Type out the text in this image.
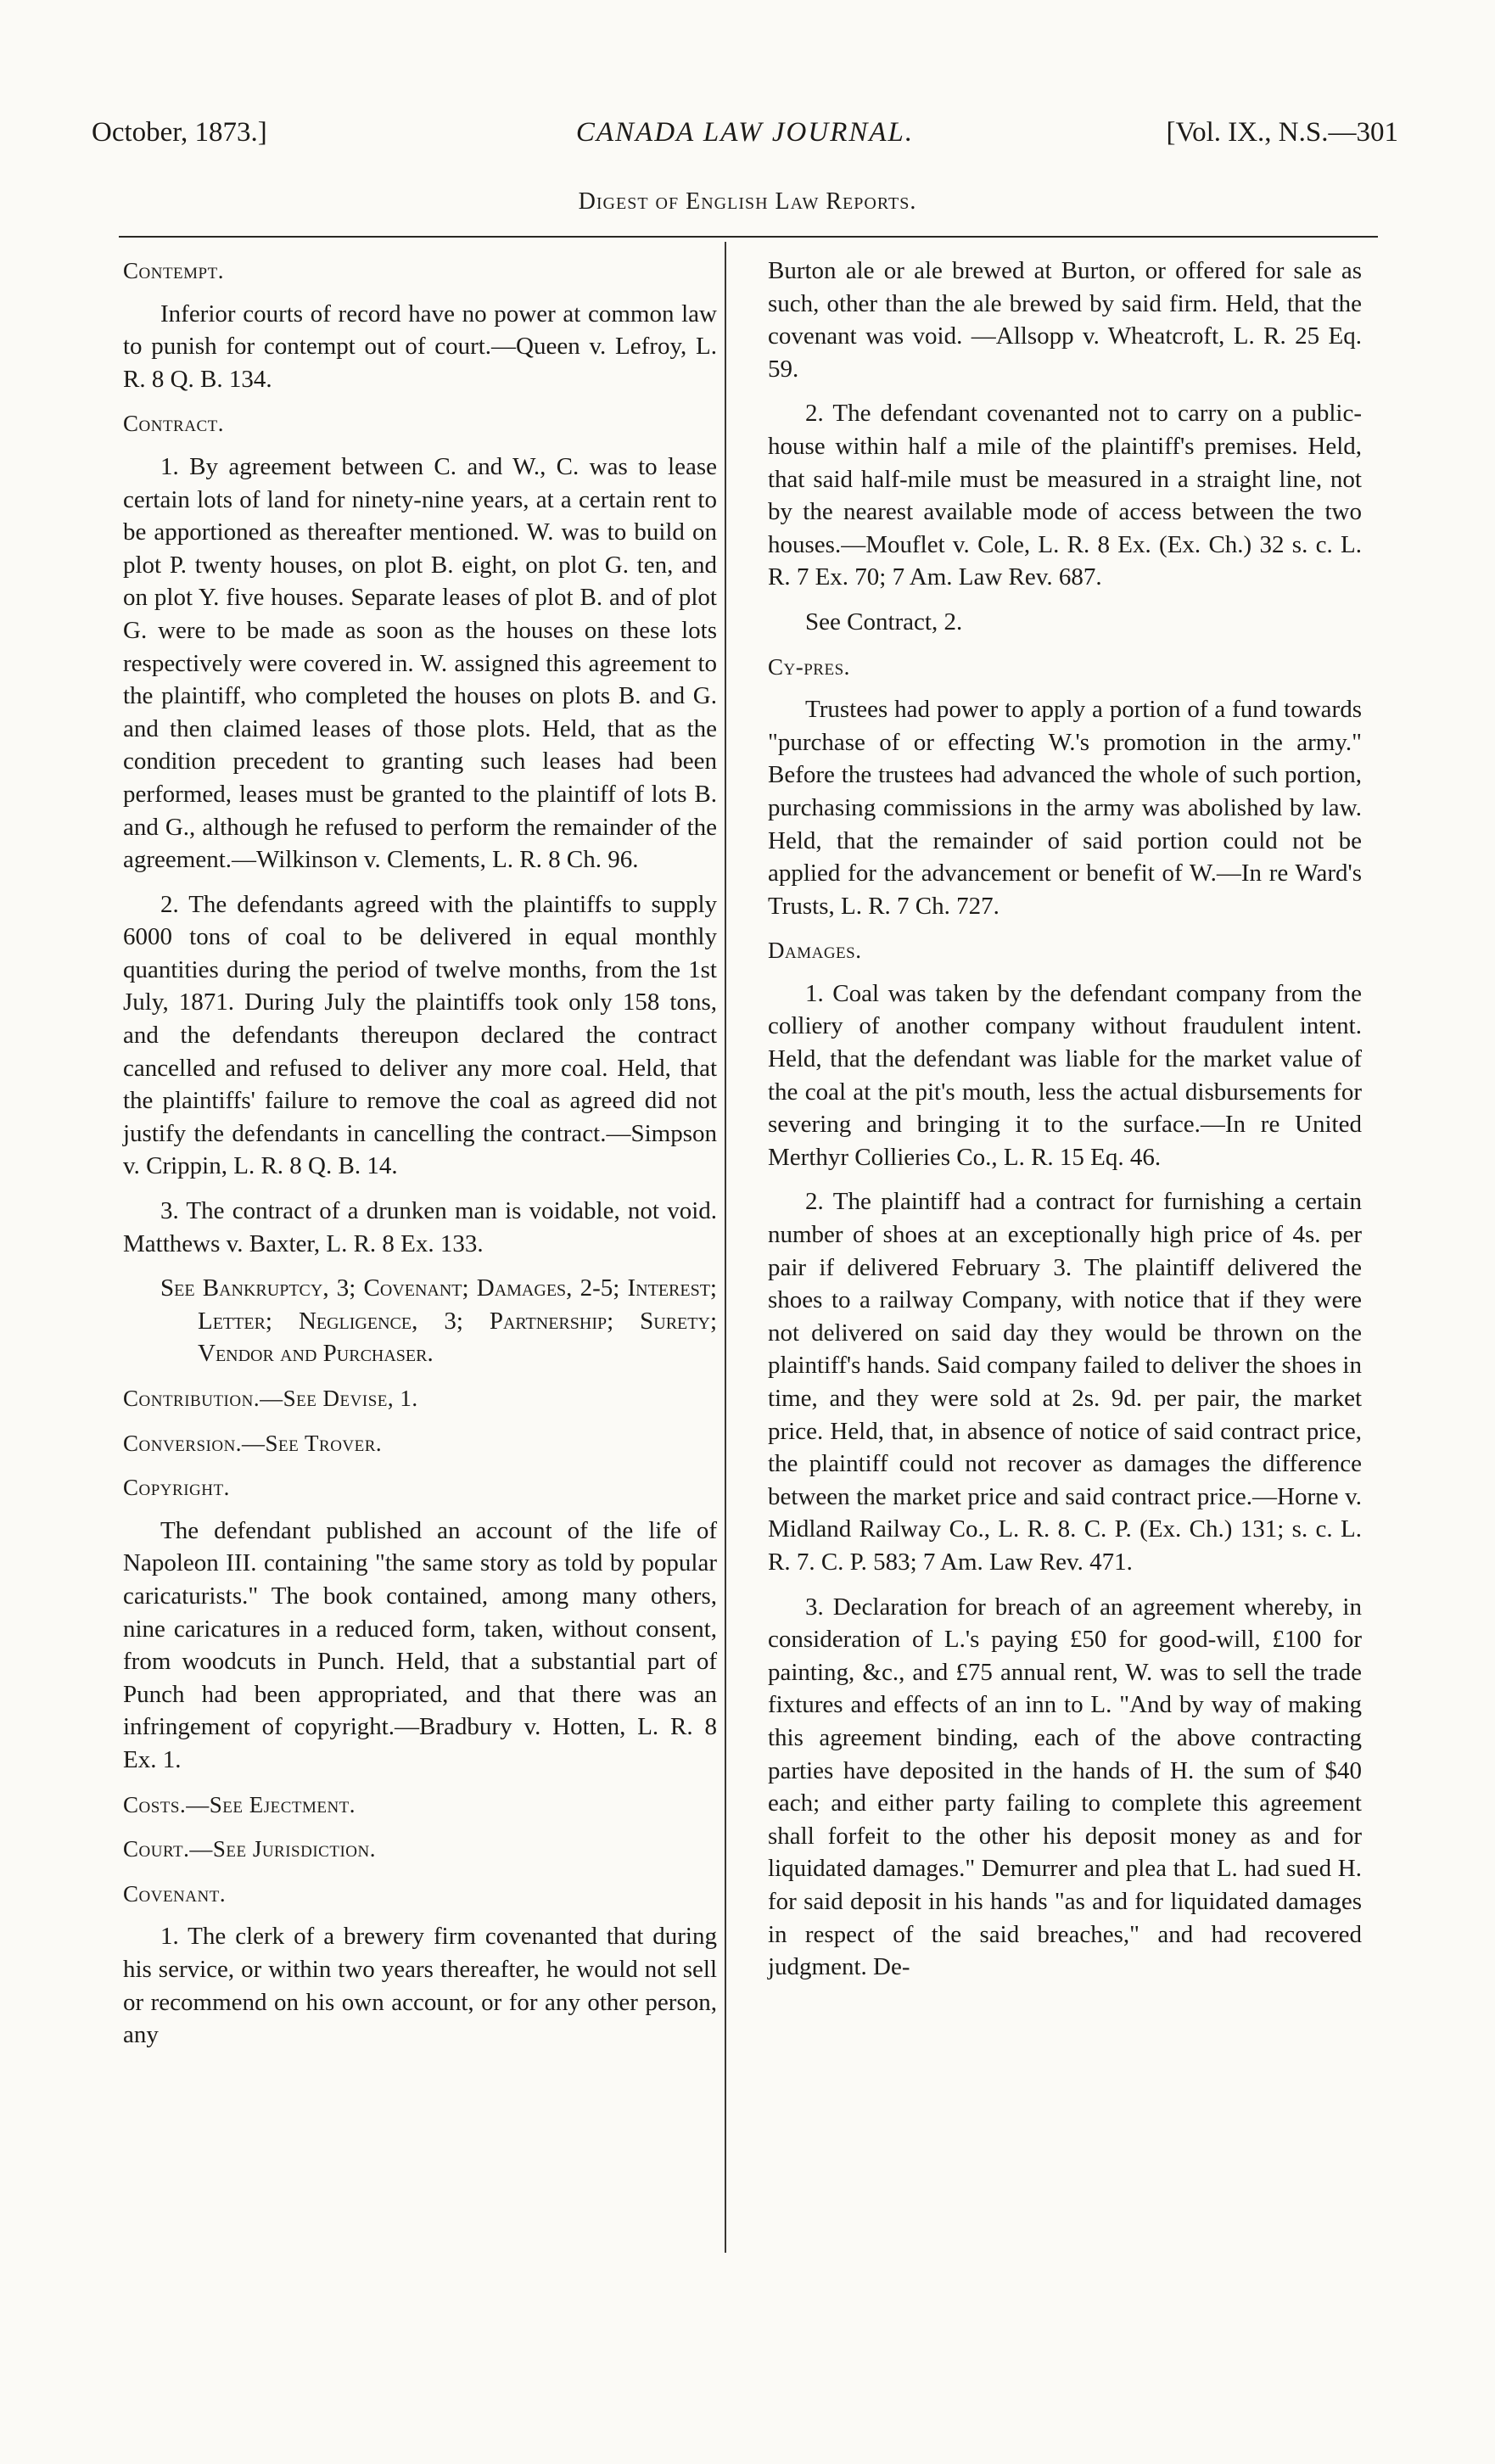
October, 1873.]	CANADA LAW JOURNAL.	[Vol. IX., N.S.—301
Digest of English Law Reports.
Contempt.

Inferior courts of record have no power at common law to punish for contempt out of court.—Queen v. Lefroy, L. R. 8 Q. B. 134.

Contract.

1. By agreement between C. and W., C. was to lease certain lots of land for ninety-nine years, at a certain rent to be apportioned as thereafter mentioned. W. was to build on plot P. twenty houses, on plot B. eight, on plot G. ten, and on plot Y. five houses. Separate leases of plot B. and of plot G. were to be made as soon as the houses on these lots respectively were covered in. W. assigned this agreement to the plaintiff, who completed the houses on plots B. and G. and then claimed leases of those plots. Held, that as the condition precedent to granting such leases had been performed, leases must be granted to the plaintiff of lots B. and G., although he refused to perform the remainder of the agreement.—Wilkinson v. Clements, L. R. 8 Ch. 96.

2. The defendants agreed with the plaintiffs to supply 6000 tons of coal to be delivered in equal monthly quantities during the period of twelve months, from the 1st July, 1871. During July the plaintiffs took only 158 tons, and the defendants thereupon declared the contract cancelled and refused to deliver any more coal. Held, that the plaintiffs' failure to remove the coal as agreed did not justify the defendants in cancelling the contract.—Simpson v. Crippin, L. R. 8 Q. B. 14.

3. The contract of a drunken man is voidable, not void. Matthews v. Baxter, L. R. 8 Ex. 133.

See Bankruptcy, 3; Covenant; Damages, 2-5; Interest; Letter; Negligence, 3; Partnership; Surety; Vendor and Purchaser.

Contribution.—See Devise, 1.
Conversion.—See Trover.
Copyright.

The defendant published an account of the life of Napoleon III. containing "the same story as told by popular caricaturists." The book contained, among many others, nine caricatures in a reduced form, taken, without consent, from woodcuts in Punch. Held, that a substantial part of Punch had been appropriated, and that there was an infringement of copyright.—Bradbury v. Hotten, L. R. 8 Ex. 1.

Costs.—See Ejectment.
Court.—See Jurisdiction.
Covenant.

1. The clerk of a brewery firm covenanted that during his service, or within two years thereafter, he would not sell or recommend on his own account, or for any other person, any

Burton ale or ale brewed at Burton, or offered for sale as such, other than the ale brewed by said firm. Held, that the covenant was void. —Allsopp v. Wheatcroft, L. R. 25 Eq. 59.

2. The defendant covenanted not to carry on a public-house within half a mile of the plaintiff's premises. Held, that said half-mile must be measured in a straight line, not by the nearest available mode of access between the two houses.—Mouflet v. Cole, L. R. 8 Ex. (Ex. Ch.) 32 s. c. L. R. 7 Ex. 70; 7 Am. Law Rev. 687.

See Contract, 2.

Cy-pres.

Trustees had power to apply a portion of a fund towards "purchase of or effecting W.'s promotion in the army." Before the trustees had advanced the whole of such portion, purchasing commissions in the army was abolished by law. Held, that the remainder of said portion could not be applied for the advancement or benefit of W.—In re Ward's Trusts, L. R. 7 Ch. 727.

Damages.

1. Coal was taken by the defendant company from the colliery of another company without fraudulent intent. Held, that the defendant was liable for the market value of the coal at the pit's mouth, less the actual disbursements for severing and bringing it to the surface.—In re United Merthyr Collieries Co., L. R. 15 Eq. 46.

2. The plaintiff had a contract for furnishing a certain number of shoes at an exceptionally high price of 4s. per pair if delivered February 3. The plaintiff delivered the shoes to a railway Company, with notice that if they were not delivered on said day they would be thrown on the plaintiff's hands. Said company failed to deliver the shoes in time, and they were sold at 2s. 9d. per pair, the market price. Held, that, in absence of notice of said contract price, the plaintiff could not recover as damages the difference between the market price and said contract price.—Horne v. Midland Railway Co., L. R. 8. C. P. (Ex. Ch.) 131; s. c. L. R. 7. C. P. 583; 7 Am. Law Rev. 471.

3. Declaration for breach of an agreement whereby, in consideration of L.'s paying £50 for good-will, £100 for painting, &c., and £75 annual rent, W. was to sell the trade fixtures and effects of an inn to L. "And by way of making this agreement binding, each of the above contracting parties have deposited in the hands of H. the sum of $40 each; and either party failing to complete this agreement shall forfeit to the other his deposit money as and for liquidated damages." Demurrer and plea that L. had sued H. for said deposit in his hands "as and for liquidated damages in respect of the said breaches," and had recovered judgment. De-
